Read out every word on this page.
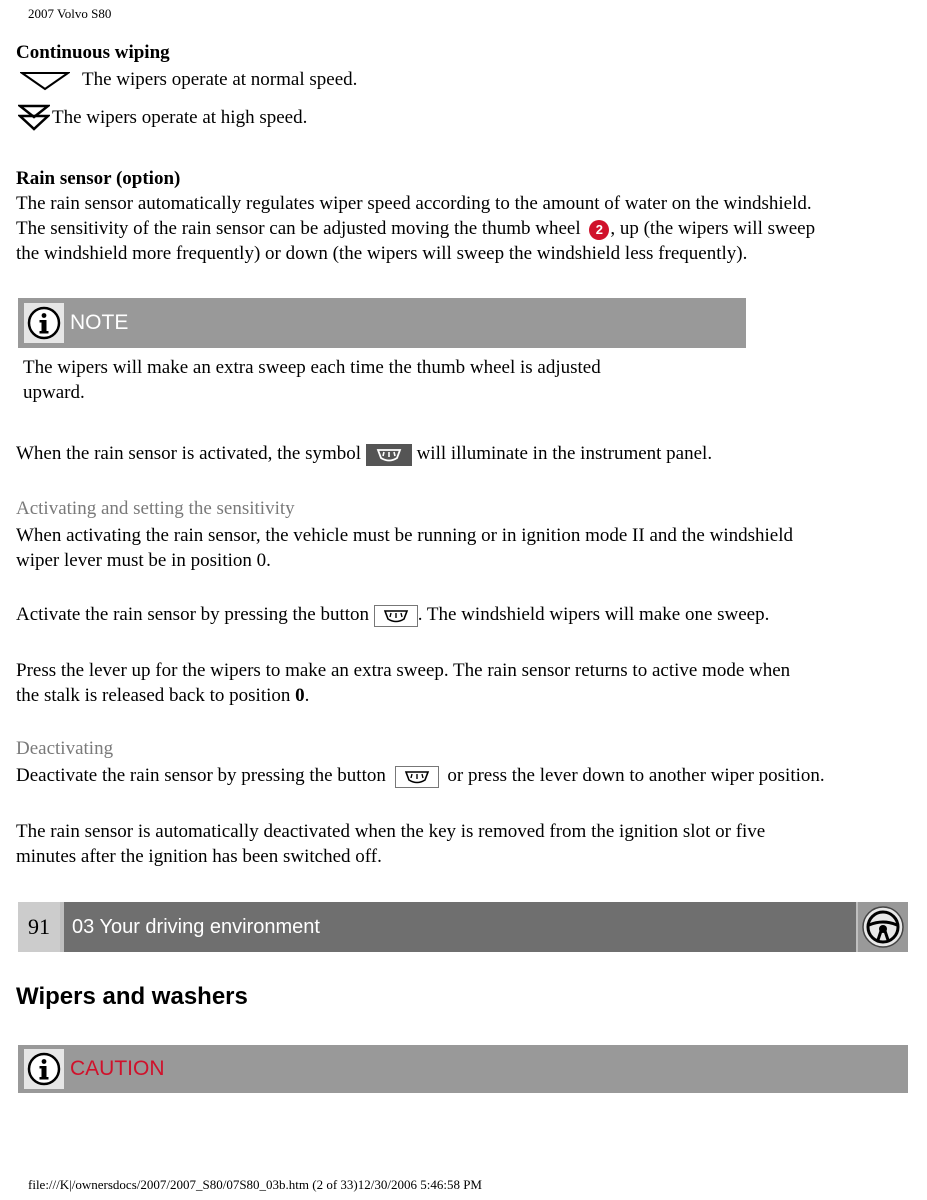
2007 Volvo S80
Continuous wiping
The wipers operate at normal speed.
The wipers operate at high speed.
Rain sensor (option)
The rain sensor automatically regulates wiper speed according to the amount of water on the windshield.
The sensitivity of the rain sensor can be adjusted moving the thumb wheel 2 , up (the wipers will sweep
the windshield more frequently) or down (the wipers will sweep the windshield less frequently).
NOTE
The wipers will make an extra sweep each time the thumb wheel is adjusted
upward.
When the rain sensor is activated, the symbol	will illuminate in the instrument panel.
Activating and setting the sensitivity
When activating the rain sensor, the vehicle must be running or in ignition mode II and the windshield
wiper lever must be in position 0.
Activate the rain sensor by pressing the button	. The windshield wipers will make one sweep.
Press the lever up for the wipers to make an extra sweep. The rain sensor returns to active mode when
the stalk is released back to position 0.
Deactivating
Deactivate the rain sensor by pressing the button	or press the lever down to another wiper position.
The rain sensor is automatically deactivated when the key is removed from the ignition slot or five
minutes after the ignition has been switched off.
91	03 Your driving environment
Wipers and washers
CAUTION
file:///K|/ownersdocs/2007/2007_S80/07S80_03b.htm (2 of 33)12/30/2006 5:46:58 PM
